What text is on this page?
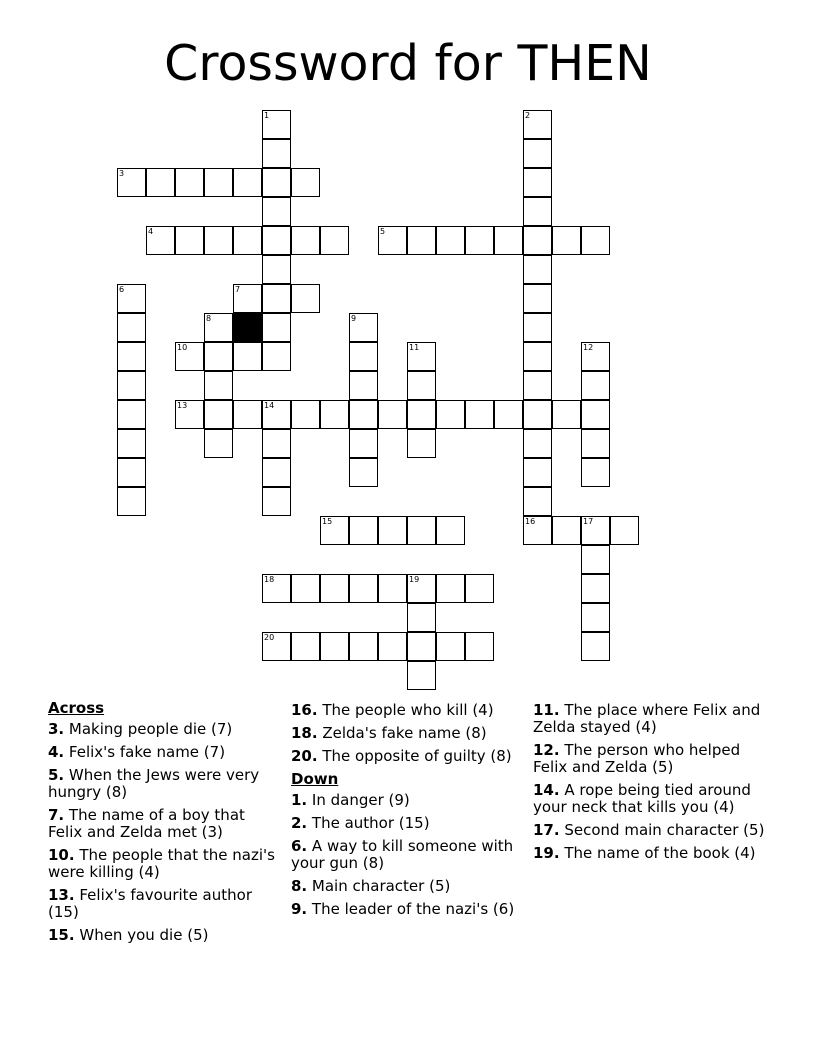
Crossword for THEN
1	2
16
3
4	5
6	7
8	9
10	11	12
13	14
15	17
18	19
20
Across
3. Making people die (7)
4. Felix's fake name (7)
5. When the Jews were very hungry (8)
7. The name of a boy that Felix and Zelda met (3)
10. The people that the nazi's were killing (4)
13. Felix's favourite author (15)
15. When you die (5)
16. The people who kill (4)
18. Zelda's fake name (8)
20. The opposite of guilty (8)
Down
1. In danger (9)
2. The author (15)
6. A way to kill someone with your gun (8)
8. Main character (5)
9. The leader of the nazi's (6)
11. The place where Felix and Zelda stayed (4)
12. The person who helped Felix and Zelda (5)
14. A rope being tied around your neck that kills you (4)
17. Second main character (5)
19. The name of the book (4)
